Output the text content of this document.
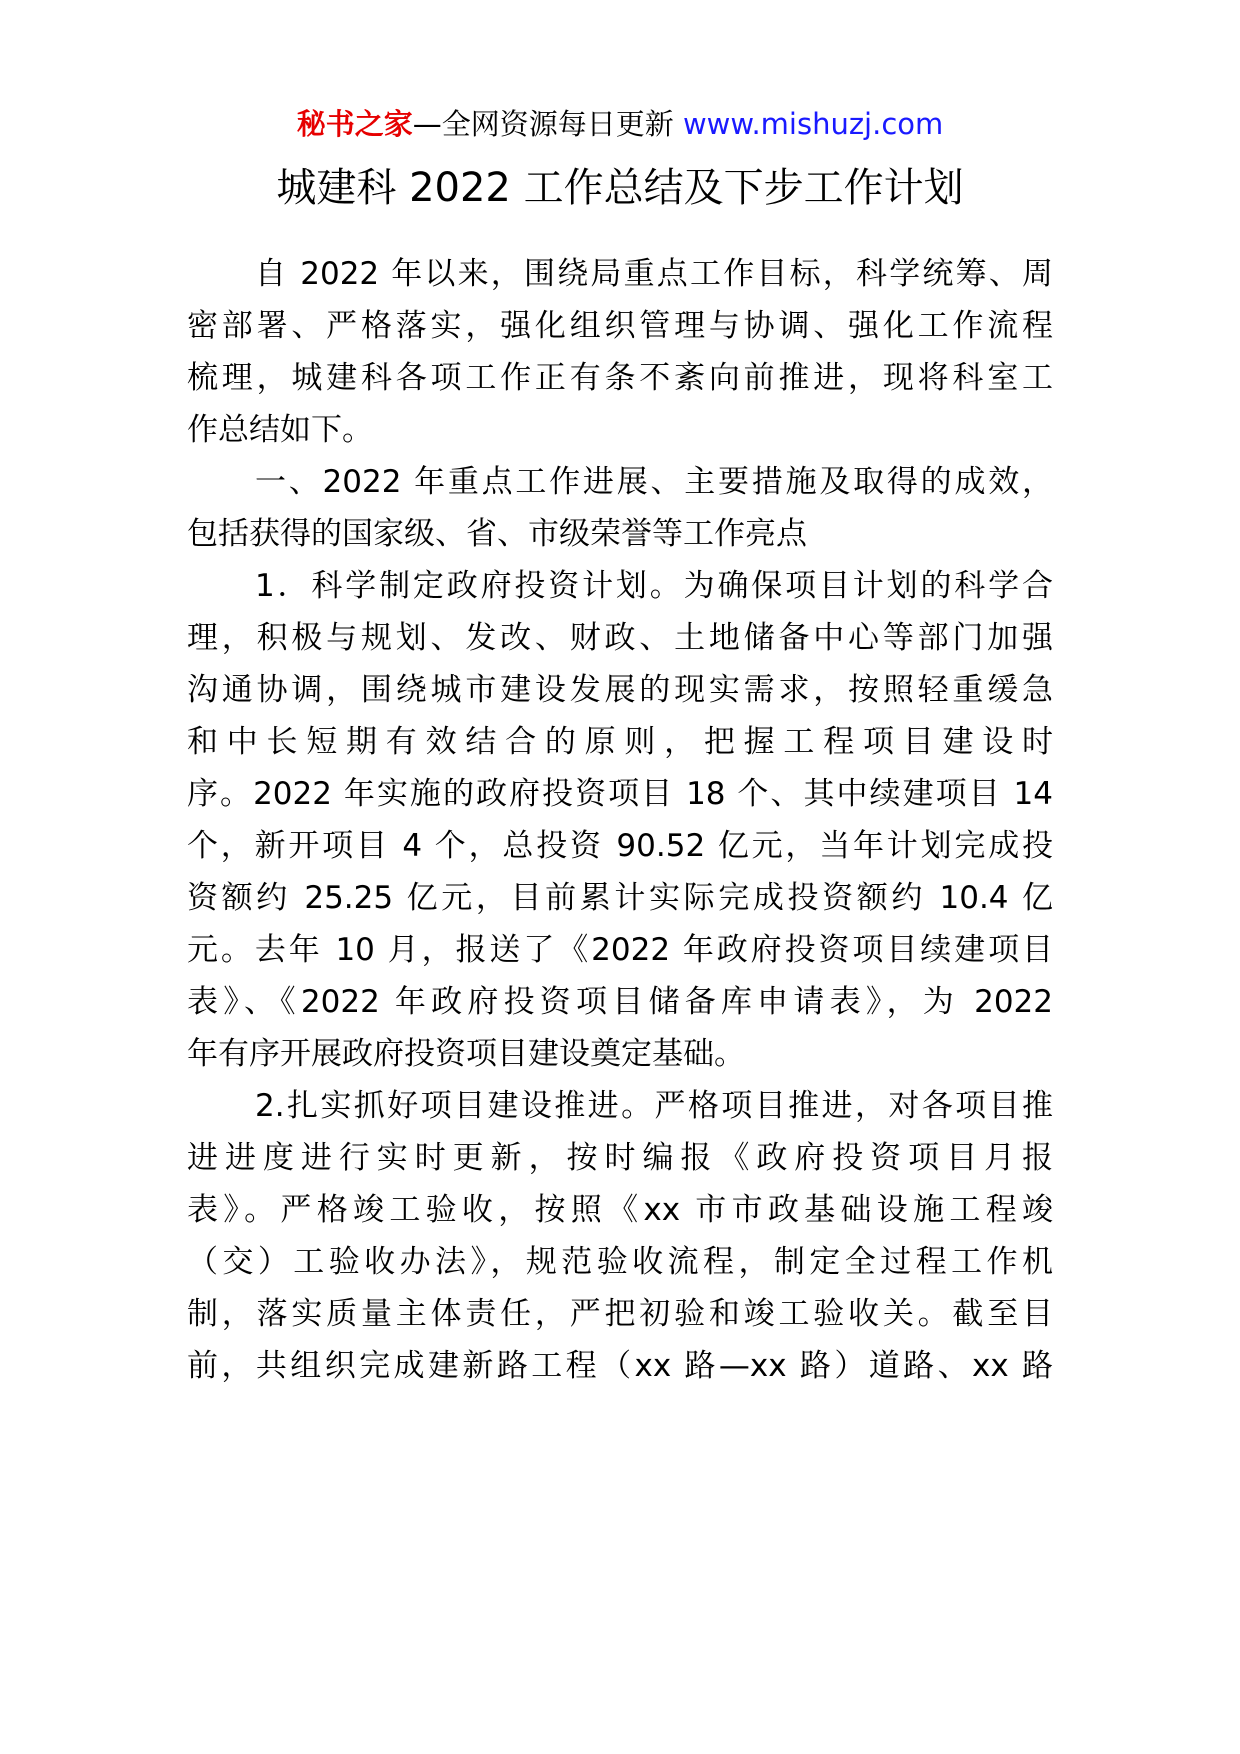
秘书之家—全网资源每日更新 www.mishuzj.com
城建科 2022 工作总结及下步工作计划
自 2022 年以来，围绕局重点工作目标，科学统筹、周
密部署、严格落实，强化组织管理与协调、强化工作流程
梳理，城建科各项工作正有条不紊向前推进，现将科室工
作总结如下。
一、2022 年重点工作进展、主要措施及取得的成效，
包括获得的国家级、省、市级荣誉等工作亮点
1．科学制定政府投资计划。为确保项目计划的科学合
理，积极与规划、发改、财政、土地储备中心等部门加强
沟通协调，围绕城市建设发展的现实需求，按照轻重缓急
和中长短期有效结合的原则，把握工程项目建设时
序。2022 年实施的政府投资项目 18 个、其中续建项目 14
个，新开项目 4 个，总投资 90.52 亿元，当年计划完成投
资额约 25.25 亿元，目前累计实际完成投资额约 10.4 亿
元。去年 10 月，报送了《2022 年政府投资项目续建项目
表》、《2022 年政府投资项目储备库申请表》，为 2022
年有序开展政府投资项目建设奠定基础。
2.扎实抓好项目建设推进。严格项目推进，对各项目推
进进度进行实时更新，按时编报《政府投资项目月报
表》。严格竣工验收，按照《xx 市市政基础设施工程竣
（交）工验收办法》，规范验收流程，制定全过程工作机
制，落实质量主体责任，严把初验和竣工验收关。截至目
前，共组织完成建新路工程（xx 路—xx 路）道路、xx 路
